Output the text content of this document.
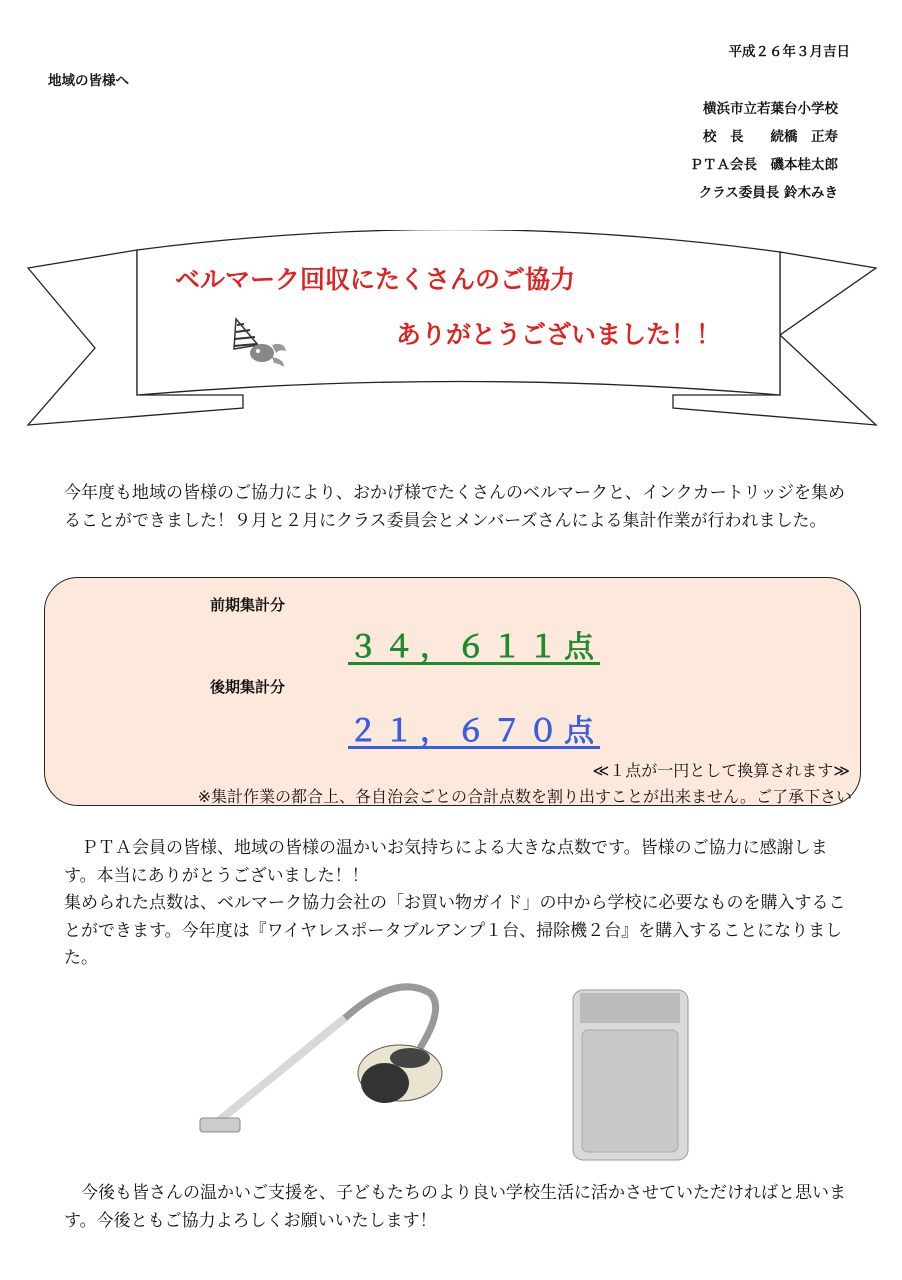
平成２６年３月吉日
地域の皆様へ
横浜市立若葉台小学校
校　長　　続橋　正寿
ＰＴＡ会長　磯本桂太郎
クラス委員長 鈴木みき
ベルマーク回収にたくさんのご協力
ありがとうございました！！
今年度も地域の皆様のご協力により、おかげ様でたくさんのベルマークと、インクカートリッジを集めることができました！９月と２月にクラス委員会とメンバーズさんによる集計作業が行われました。
前期集計分
３４，６１１点
後期集計分
２１，６７０点
≪１点が一円として換算されます≫
※集計作業の都合上、各自治会ごとの合計点数を割り出すことが出来ません。ご了承下さい
　ＰＴＡ会員の皆様、地域の皆様の温かいお気持ちによる大きな点数です。皆様のご協力に感謝します。本当にありがとうございました！！
集められた点数は、ベルマーク協力会社の「お買い物ガイド」の中から学校に必要なものを購入することができます。今年度は『ワイヤレスポータブルアンプ１台、掃除機２台』を購入することになりました。
　今後も皆さんの温かいご支援を、子どもたちのより良い学校生活に活かさせていただければと思います。今後ともご協力よろしくお願いいたします！
